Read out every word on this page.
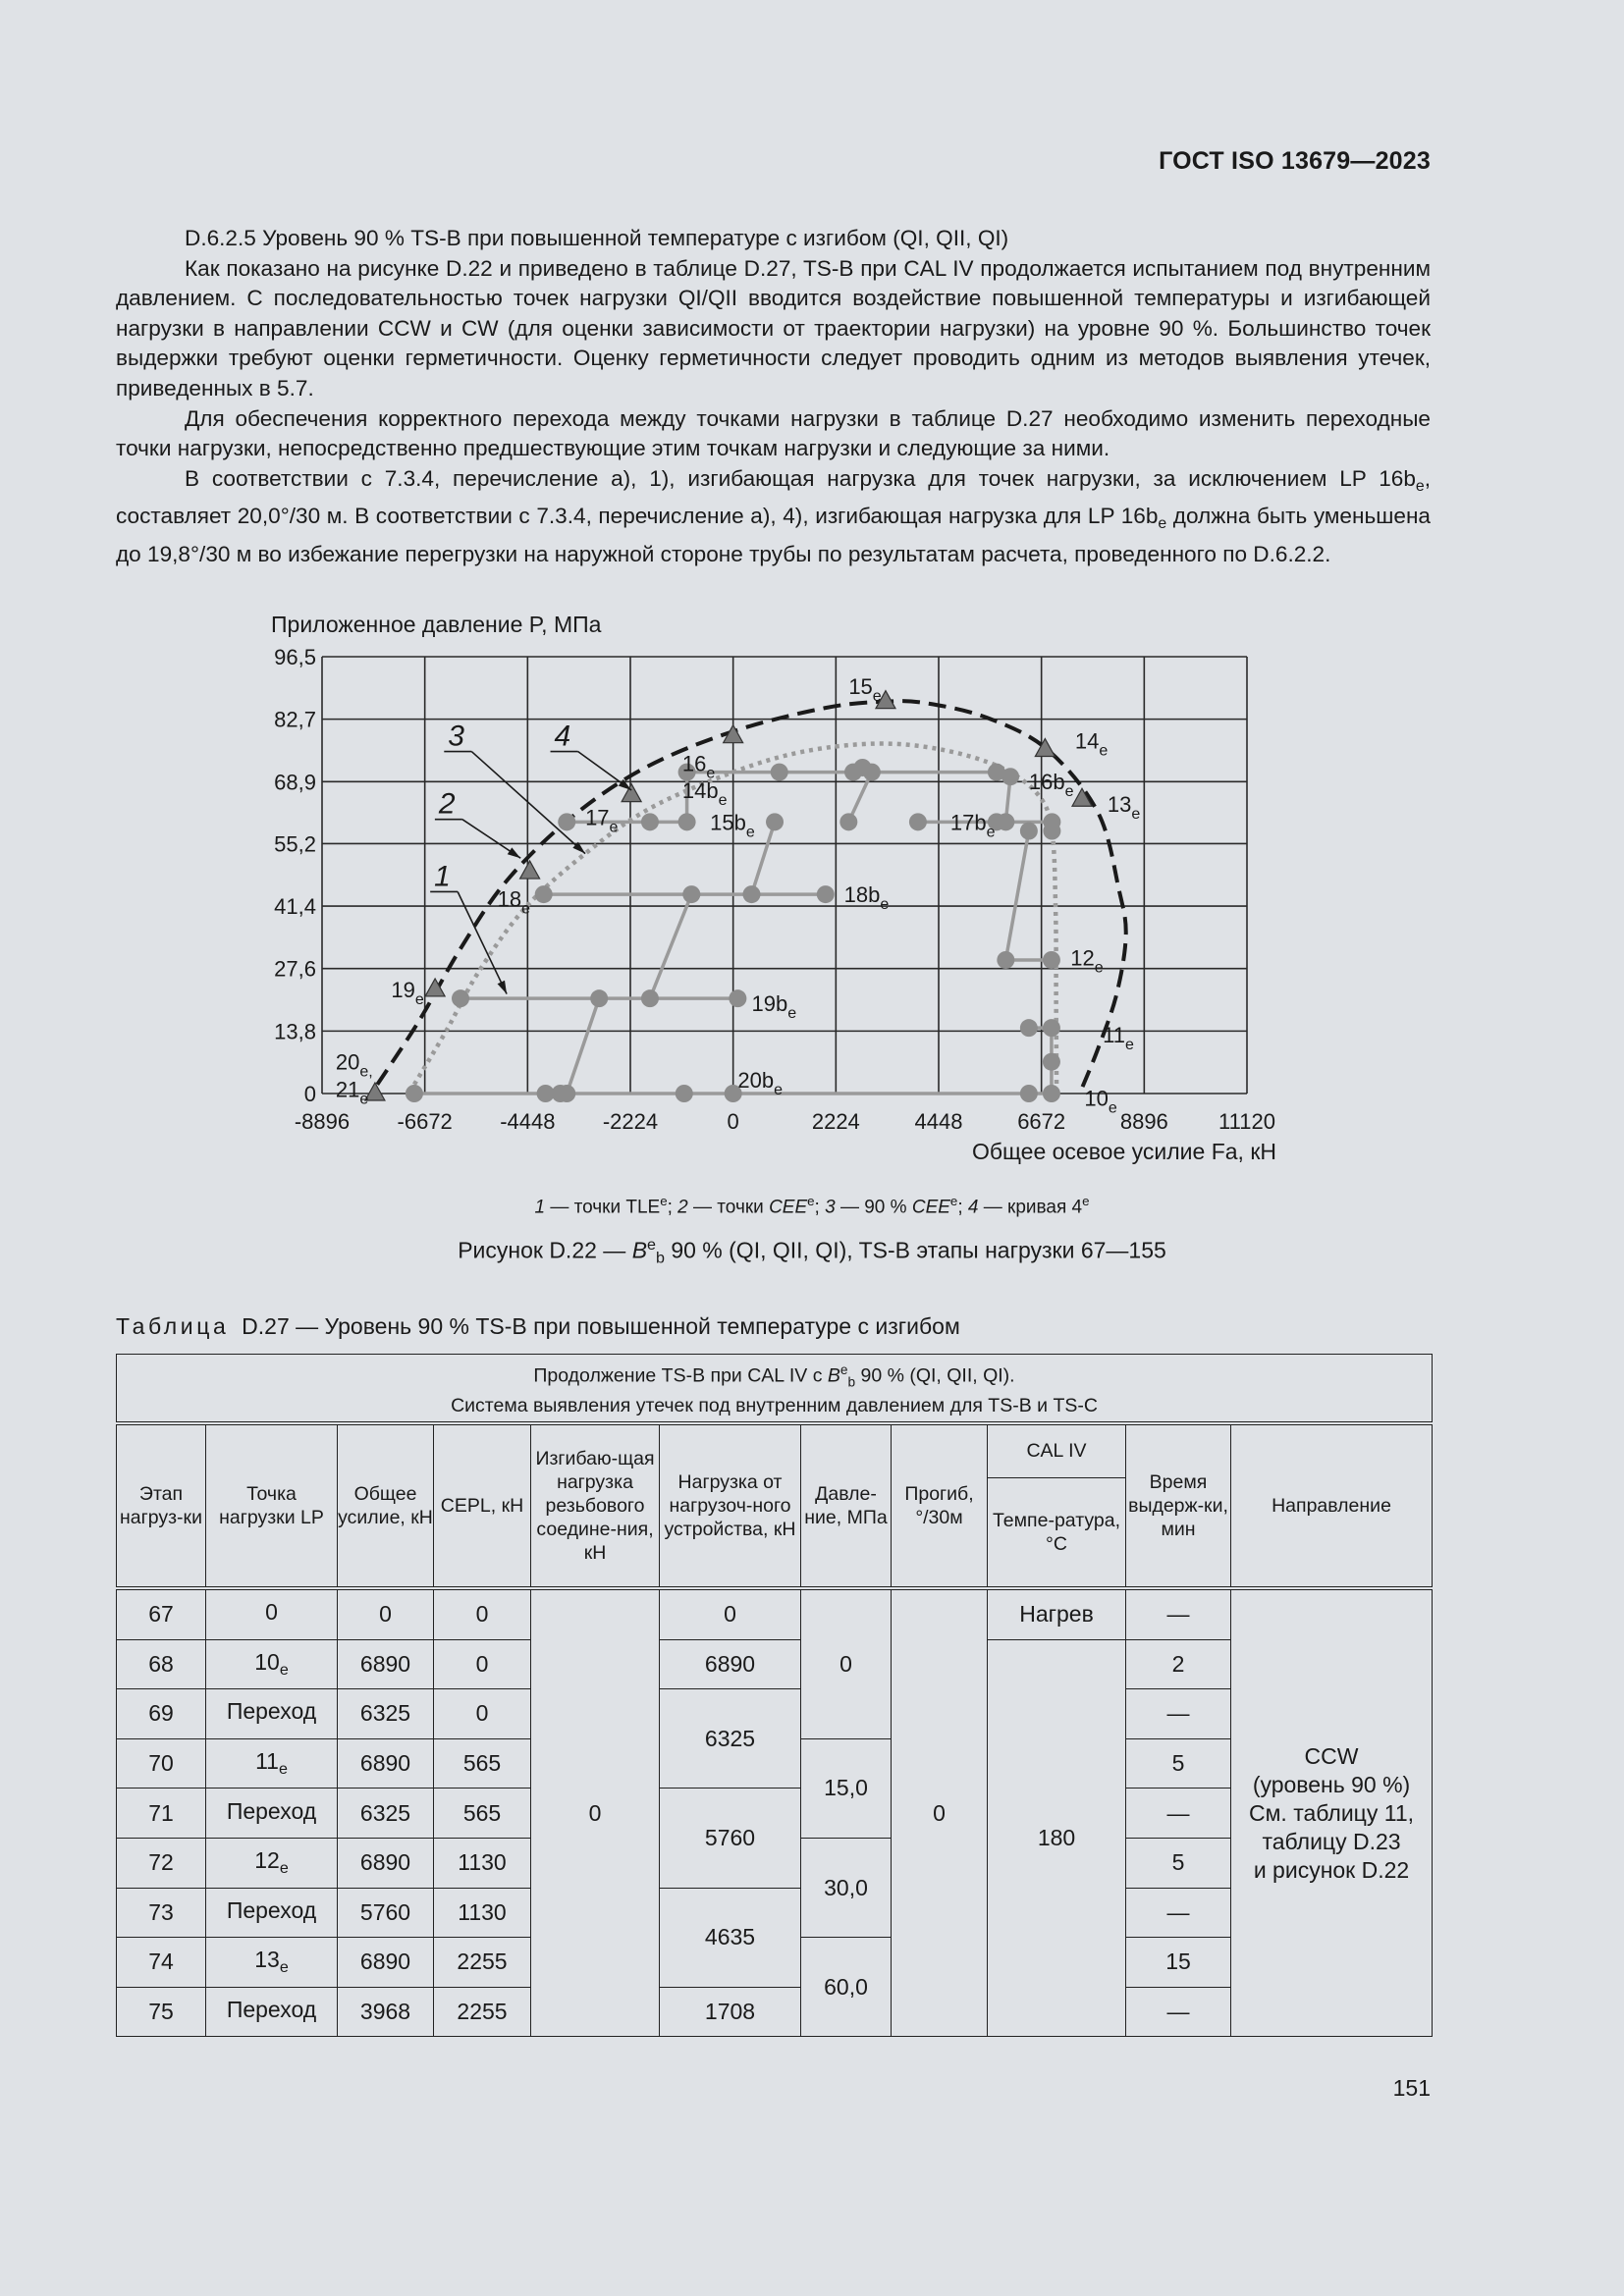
ГОСТ ISO 13679—2023

D.6.2.5 Уровень 90 % TS-B при повышенной температуре с изгибом (QI, QII, QI)

Как показано на рисунке D.22 и приведено в таблице D.27, TS-B при CAL IV продолжается испытанием под внутренним давлением. С последовательностью точек нагрузки QI/QII вводится воздействие повышенной температуры и изгибающей нагрузки в направлении CCW и CW (для оценки зависимости от траектории нагрузки) на уровне 90 %. Большинство точек выдержки требуют оценки герметичности. Оценку герметичности следует проводить одним из методов выявления утечек, приведенных в 5.7.

Для обеспечения корректного перехода между точками нагрузки в таблице D.27 необходимо изменить переходные точки нагрузки, непосредственно предшествующие этим точкам нагрузки и следующие за ними.

В соответствии с 7.3.4, перечисление а), 1), изгибающая нагрузка для точек нагрузки, за исключением LP $16b_e$, составляет 20,0°/30 м. В соответствии с 7.3.4, перечисление а), 4), изгибающая нагрузка для LP $16b_e$ должна быть уменьшена до 19,8°/30 м во избежание перегрузки на наружной стороне трубы по результатам расчета, проведенного по D.6.2.2.

-8896 -6672 -4448 -2224	0	2224	4448	6672	8896 11120
0
13,8
27,6
41,4
55,2
68,9
82,7
96,5
Приложенное давление P, МПа
Общее осевое усилие Fa, кН
$16_e$
$14b_e$
$17_e$	$15b_e$	$17b_e$
$16b_e$
$14_e$
$13_e$
$15_e$
$18_e$
$18b_e$
$12_e$
$19_e$	$19b_e$
$11_e$
$20b_e$	$10_e$
$20_{e,}$
$21_e$
1
2
3	4
1 — точки TLE$^e$; 2 — точки CEE$^e$; 3 — 90 % CEE$^e$; 4 — кривая 4e
Рисунок D.22 — $B^e_b$ 90 % (QI, QII, QI), TS-B этапы нагрузки 67—155
Таблица D.27 — Уровень 90 % TS-B при повышенной температуре с изгибом
Продолжение TS-B при CAL IV с $B^e_b$ 90 % (QI, QII, QI).
Система выявления утечек под внутренним давлением для TS-B и TS-C										
Этап нагруз-ки	Точка нагрузки LP	Общее усилие, кН	CEPL, кН	Изгибаю-щая нагрузка резьбового соедине-ния, кН	Нагрузка от нагрузоч-ного устройства, кН	Давле-ние, МПа	Прогиб, °/30м	CAL IV	Время выдерж-ки, мин	Направление
								Темпе-ратура, °С		
67	0	0	0	0	0	0	0	Нагрев	—	CCW
(уровень 90 %)
См. таблицу 11,
таблицу D.23
и рисунок D.22
68	$10_e$	6890	0		6890			180	2	
69	Переход	6325	0		6325				—	
70	$11_e$	6890	565			15,0			5	
71	Переход	6325	565		5760				—	
72	$12_e$	6890	1130			30,0			5	
73	Переход	5760	1130		4635				—	
74	$13_e$	6890	2255			60,0			15	
75	Переход	3968	2255		1708				—	
151
